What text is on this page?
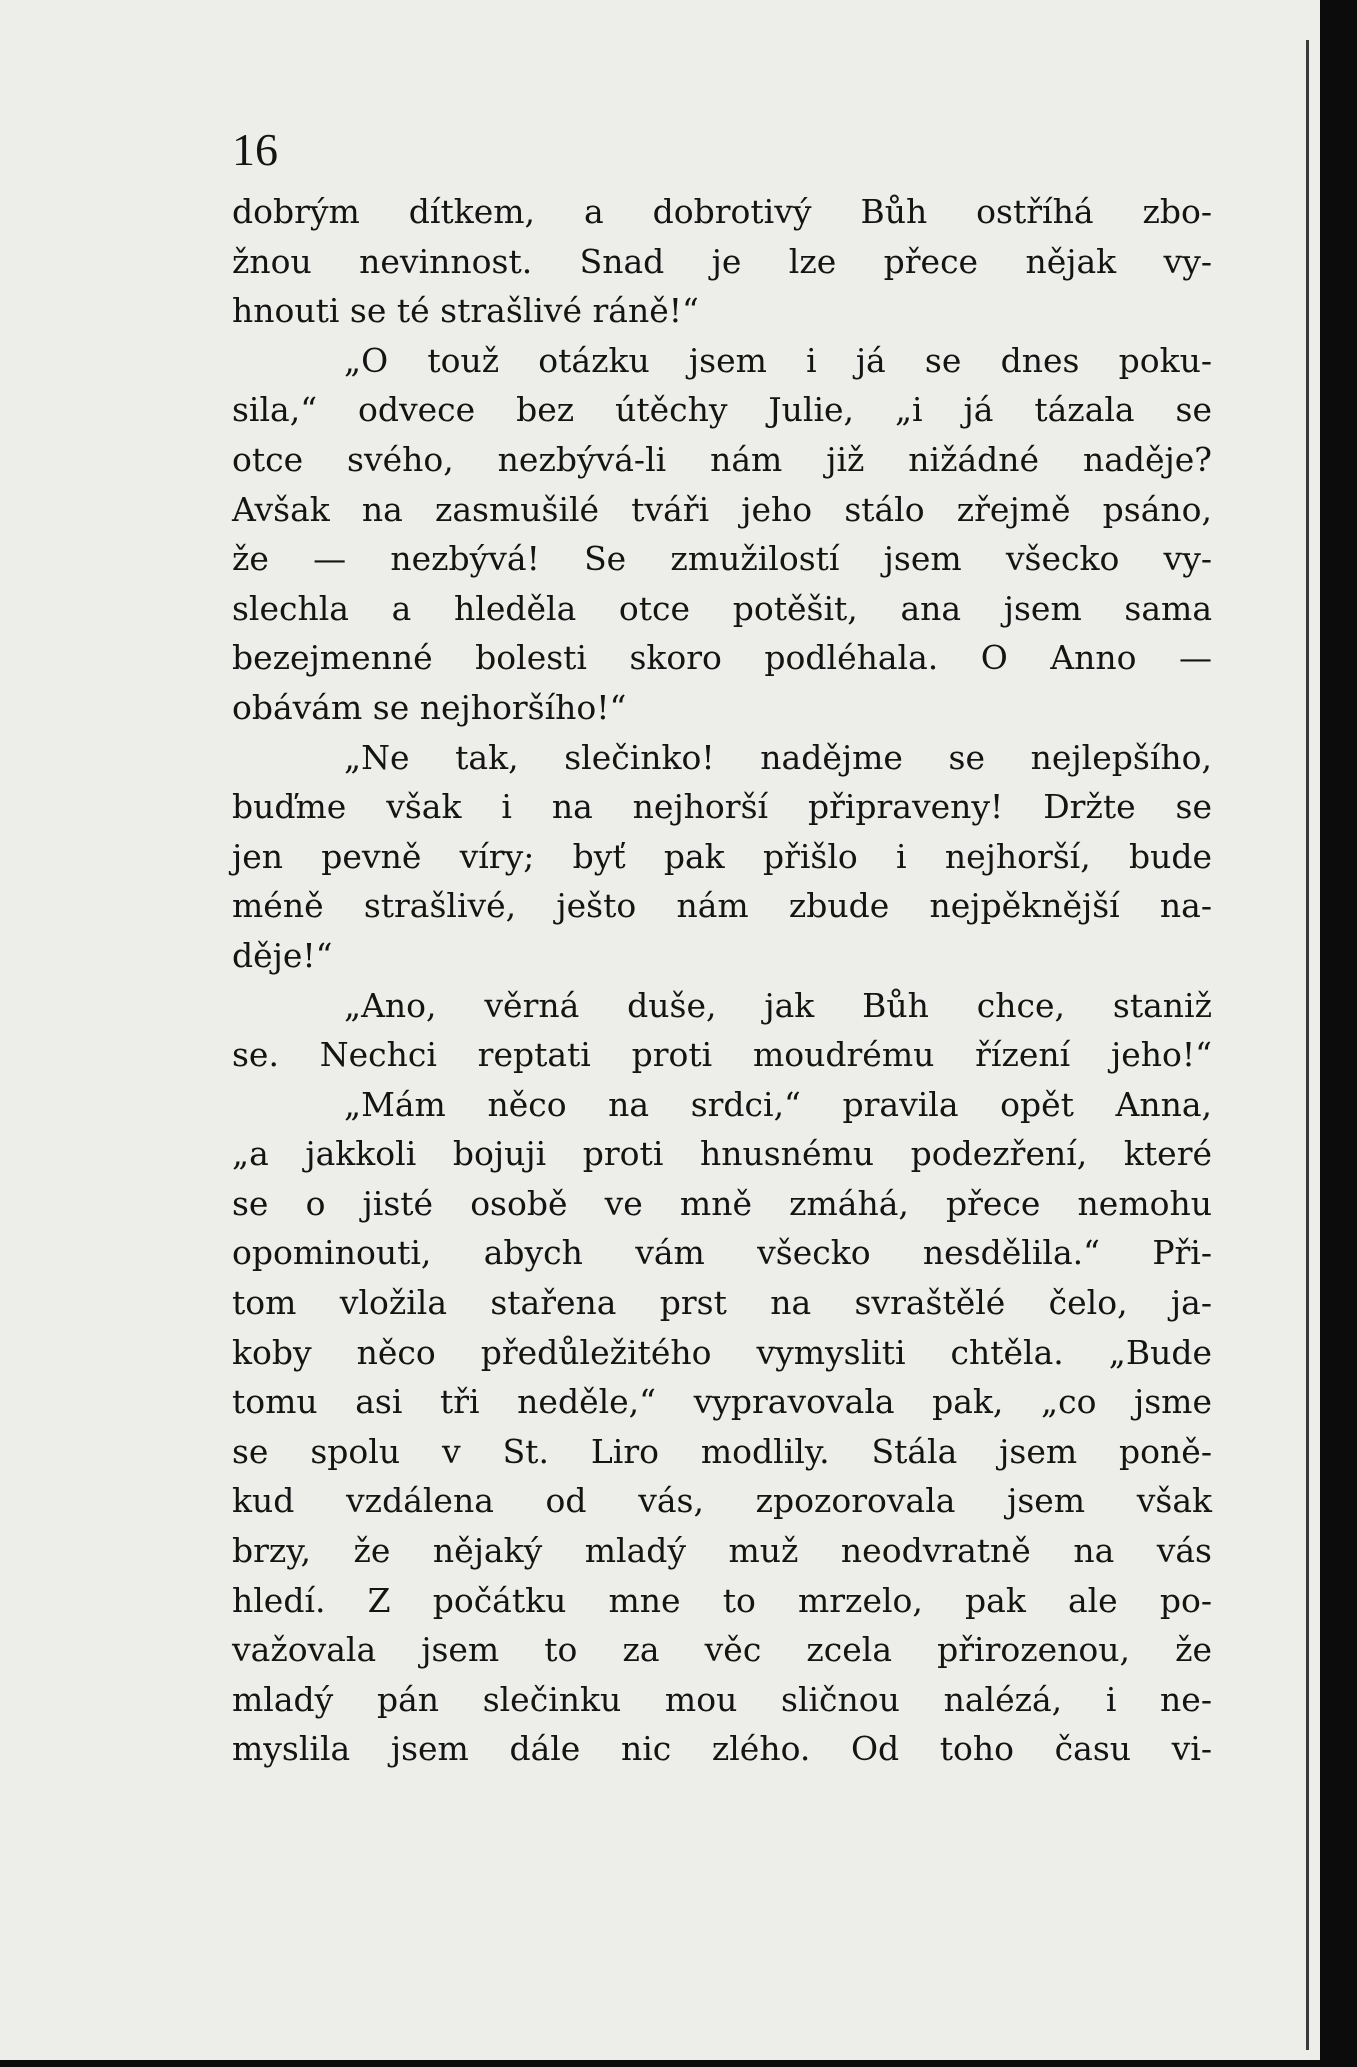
16
dobrým dítkem, a dobrotivý Bůh ostříhá zbo-
žnou nevinnost. Snad je lze přece nějak vy-
hnouti se té strašlivé ráně!“
„O touž otázku jsem i já se dnes poku-
sila,“ odvece bez útěchy Julie, „i já tázala se
otce svého, nezbývá-li nám již nižádné naděje?
Avšak na zasmušilé tváři jeho stálo zřejmě psáno,
že — nezbývá! Se zmužilostí jsem všecko vy-
slechla a hleděla otce potěšit, ana jsem sama
bezejmenné bolesti skoro podléhala. O Anno —
obávám se nejhoršího!“
„Ne tak, slečinko! nadějme se nejlepšího,
buďme však i na nejhorší připraveny! Držte se
jen pevně víry; byť pak přišlo i nejhorší, bude
méně strašlivé, ješto nám zbude nejpěknější na-
děje!“
„Ano, věrná duše, jak Bůh chce, staniž
se. Nechci reptati proti moudrému řízení jeho!“
„Mám něco na srdci,“ pravila opět Anna,
„a jakkoli bojuji proti hnusnému podezření, které
se o jisté osobě ve mně zmáhá, přece nemohu
opominouti, abych vám všecko nesdělila.“ Při-
tom vložila stařena prst na svraštělé čelo, ja-
koby něco předůležitého vymysliti chtěla. „Bude
tomu asi tři neděle,“ vypravovala pak, „co jsme
se spolu v St. Liro modlily. Stála jsem poně-
kud vzdálena od vás, zpozorovala jsem však
brzy, že nějaký mladý muž neodvratně na vás
hledí. Z počátku mne to mrzelo, pak ale po-
važovala jsem to za věc zcela přirozenou, že
mladý pán slečinku mou sličnou nalézá, i ne-
myslila jsem dále nic zlého. Od toho času vi-
